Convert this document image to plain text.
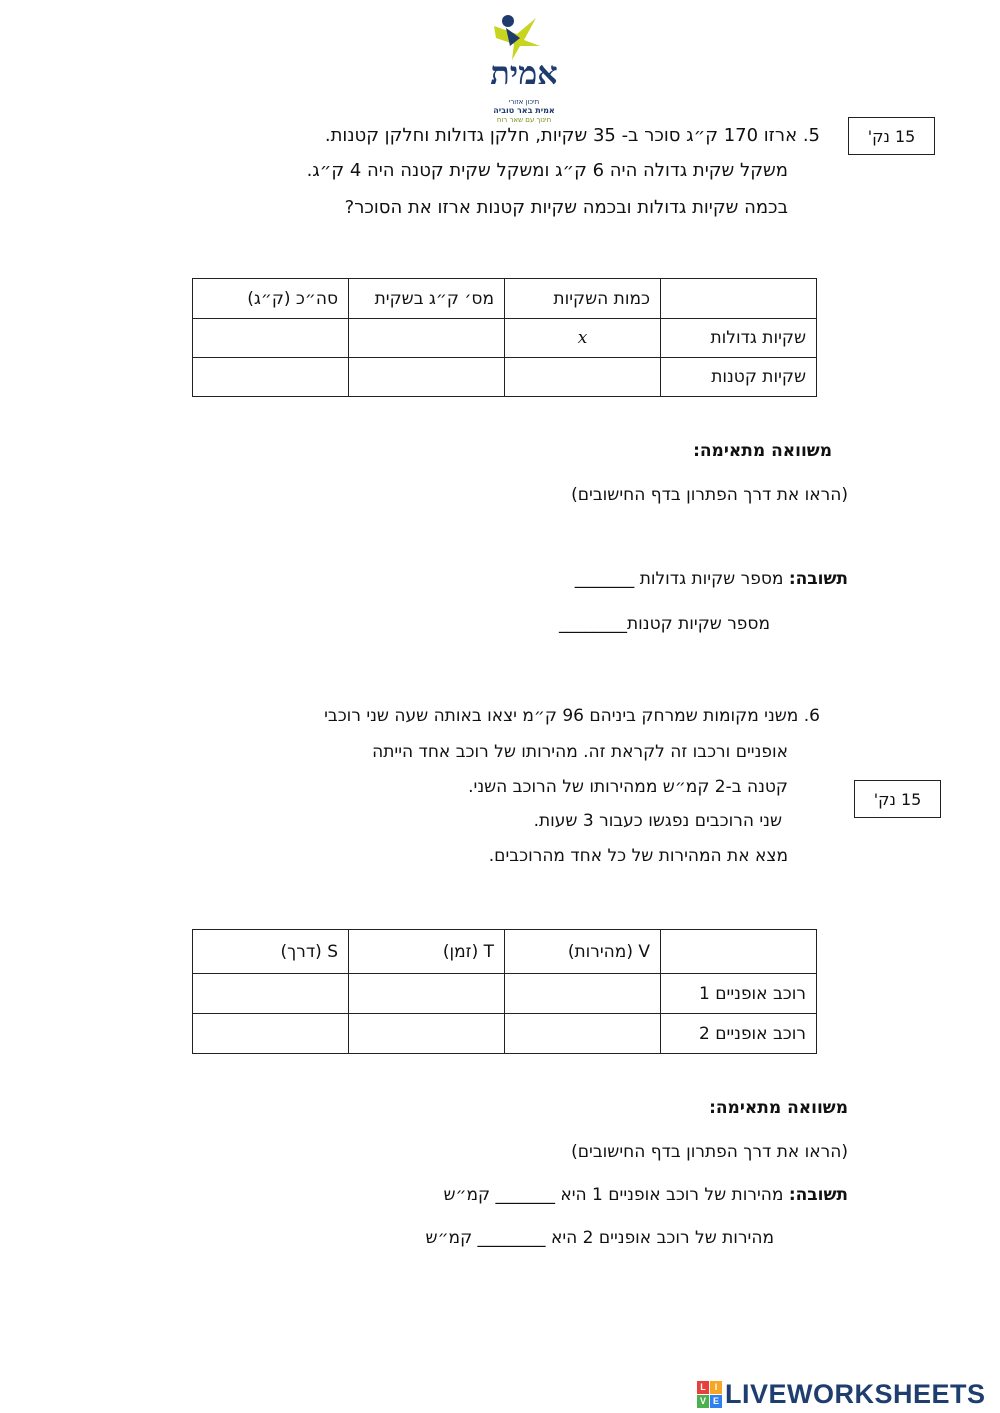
אמית
תיכון אזורי
אמית באר טוביה
חינוך עם שאר רוח
15 נק'
5. ארזו 170 ק״ג סוכר ב- 35 שקיות, חלקן גדולות וחלקן קטנות.
משקל שקית גדולה היה 6 ק״ג ומשקל שקית קטנה היה 4 ק״ג.
בכמה שקיות גדולות ובכמה שקיות קטנות ארזו את הסוכר?
	כמות השקיות	מס׳ ק״ג בשקית	סה״כ (ק״ג)
שקיות גדולות	x		
שקיות קטנות			
משוואה מתאימה:
(הראו את דרך הפתרון בדף החישובים)
תשובה: מספר שקיות גדולות _______
מספר שקיות קטנות________
6. משני מקומות שמרחק ביניהם 96 ק״מ יצאו באותה שעה שני רוכבי
אופניים ורכבו זה לקראת זה. מהירותו של רוכב אחד הייתה
קטנה ב-2 קמ״ש ממהירותו של הרוכב השני.
שני הרוכבים נפגשו כעבור 3 שעות.
מצא את המהירות של כל אחד מהרוכבים.
15 נק'
	V (מהירות)	T (זמן)	S (דרך)
רוכב אופניים 1			
רוכב אופניים 2			
משוואה מתאימה:
(הראו את דרך הפתרון בדף החישובים)
תשובה: מהירות של רוכב אופניים 1 היא _______ קמ״ש
מהירות של רוכב אופניים 2 היא ________ קמ״ש
L I
V E LIVEWORKSHEETS
